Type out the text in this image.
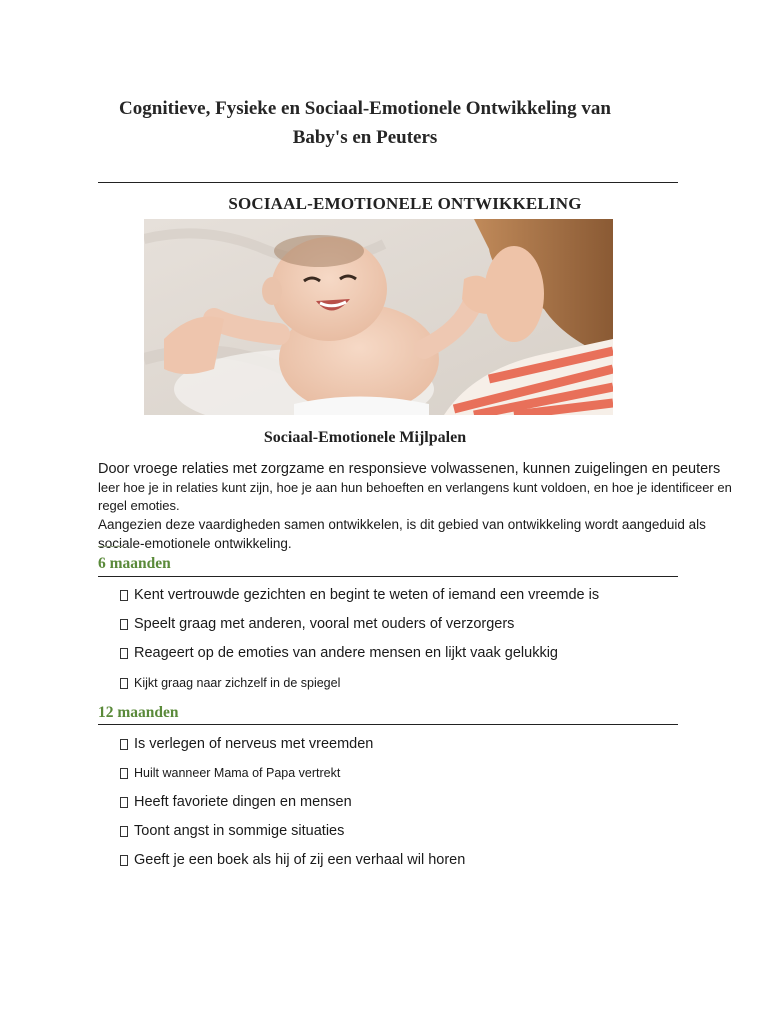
Cognitieve, Fysieke en Sociaal-Emotionele Ontwikkeling van
Baby's en Peuters
SOCIAAL-EMOTIONELE ONTWIKKELING
Sociaal-Emotionele Mijlpalen

Door vroege relaties met zorgzame en responsieve volwassenen, kunnen zuigelingen en peuters
leer hoe je in relaties kunt zijn, hoe je aan hun behoeften en verlangens kunt voldoen, en hoe je identificeer en regel emoties.
Aangezien deze vaardigheden samen ontwikkelen, is dit gebied van ontwikkeling wordt aangeduid als sociale-emotionele ontwikkeling.

6 maanden
Kent vertrouwde gezichten en begint te weten of iemand een vreemde is
Speelt graag met anderen, vooral met ouders of verzorgers
Reageert op de emoties van andere mensen en lijkt vaak gelukkig
Kijkt graag naar zichzelf in de spiegel
12 maanden
Is verlegen of nerveus met vreemden
Huilt wanneer Mama of Papa vertrekt
Heeft favoriete dingen en mensen
Toont angst in sommige situaties
Geeft je een boek als hij of zij een verhaal wil horen
